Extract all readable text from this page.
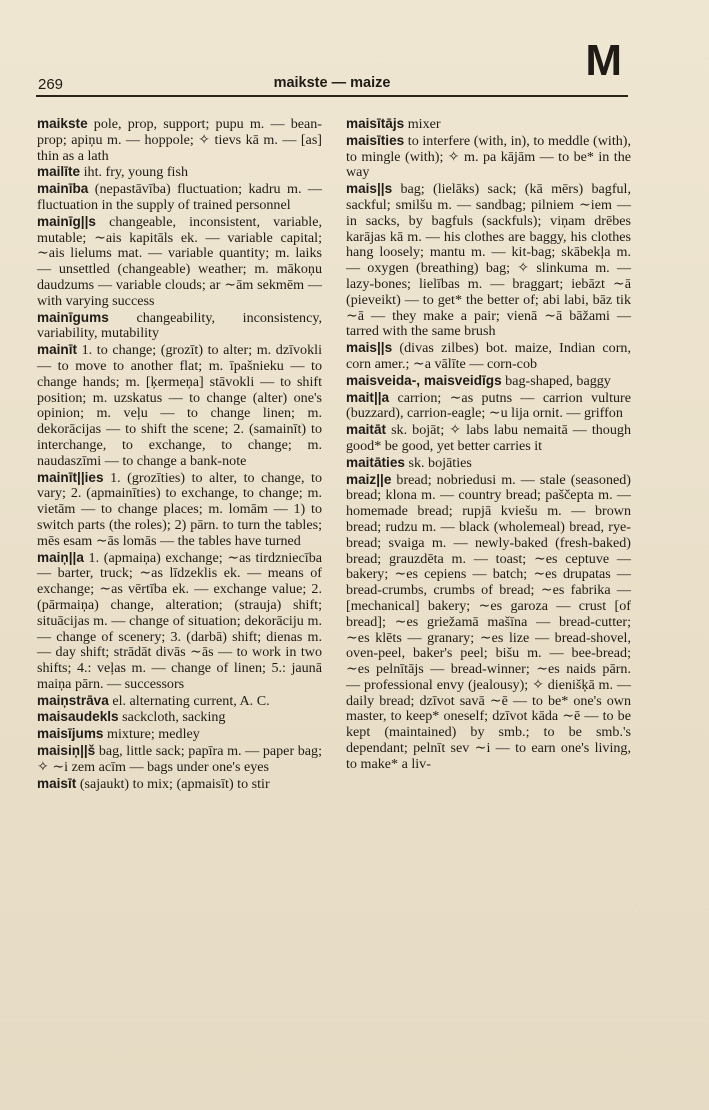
M
269	maikste — maize

maikste pole, prop, support; pupu m. — bean-prop; apiņu m. — hoppole; ✧ tievs kā m. — [as] thin as a lath

mailīte iht. fry, young fish

mainība (nepastāvība) fluctuation; kadru m. — fluctuation in the supply of trained personnel

mainīg||s changeable, inconsistent, variable, mutable; ∼ais kapitāls ek. — variable capital; ∼ais lielums mat. — variable quantity; m. laiks — unsettled (changeable) weather; m. mākoņu daudzums — variable clouds; ar ∼ām sekmēm — with varying success

mainīgums changeability, inconsistency, variability, mutability

mainīt 1. to change; (grozīt) to alter; m. dzīvokli — to move to another flat; m. īpašnieku — to change hands; m. [ķermeņa] stāvokli — to shift position; m. uzskatus — to change (alter) one's opinion; m. veļu — to change linen; m. dekorācijas — to shift the scene; 2. (samainīt) to interchange, to exchange, to change; m. naudaszīmi — to change a bank-note

mainīt||ies 1. (grozīties) to alter, to change, to vary; 2. (apmainīties) to exchange, to change; m. vietām — to change places; m. lomām — 1) to switch parts (the roles); 2) pārn. to turn the tables; mēs esam ∼ās lomās — the tables have turned

maiņ||a 1. (apmaiņa) exchange; ∼as tirdzniecība — barter, truck; ∼as līdzeklis ek. — means of exchange; ∼as vērtība ek. — exchange value; 2. (pārmaiņa) change, alteration; (strauja) shift; situācijas m. — change of situation; dekorāciju m. — change of scenery; 3. (darbā) shift; dienas m. — day shift; strādāt divās ∼ās — to work in two shifts; 4.: veļas m. — change of linen; 5.: jaunā maiņa pārn. — successors

maiņstrāva el. alternating current, A. C.

maisaudekls sackcloth, sacking

maisījums mixture; medley

maisiņ||š bag, little sack; papīra m. — paper bag; ✧ ∼i zem acīm — bags under one's eyes

maisīt (sajaukt) to mix; (apmaisīt) to stir

maisītājs mixer

maisīties to interfere (with, in), to meddle (with), to mingle (with); ✧ m. pa kājām — to be* in the way

mais||s bag; (lielāks) sack; (kā mērs) bagful, sackful; smilšu m. — sandbag; pilniem ∼iem — in sacks, by bagfuls (sackfuls); viņam drēbes karājas kā m. — his clothes are baggy, his clothes hang loosely; mantu m. — kit-bag; skābekļa m. — oxygen (breathing) bag; ✧ slinkuma m. — lazy-bones; lielības m. — braggart; iebāzt ∼ā (pieveikt) — to get* the better of; abi labi, bāz tik ∼ā — they make a pair; vienā ∼ā bāžami — tarred with the same brush

mais||s (divas zilbes) bot. maize, Indian corn, corn amer.; ∼a vālīte — corn-cob

maisveida-, maisveidīgs bag-shaped, baggy

mait||a carrion; ∼as putns — carrion vulture (buzzard), carrion-eagle; ∼u lija ornit. — griffon

maitāt sk. bojāt; ✧ labs labu nemaitā — though good* be good, yet better carries it

maitāties sk. bojāties

maiz||e bread; nobriedusi m. — stale (seasoned) bread; klona m. — country bread; paščepta m. — homemade bread; rupjā kviešu m. — brown bread; rudzu m. — black (wholemeal) bread, rye-bread; svaiga m. — newly-baked (fresh-baked) bread; grauzdēta m. — toast; ∼es ceptuve — bakery; ∼es cepiens — batch; ∼es drupatas — bread-crumbs, crumbs of bread; ∼es fabrika — [mechanical] bakery; ∼es garoza — crust [of bread]; ∼es griežamā mašīna — bread-cutter; ∼es klēts — granary; ∼es lize — bread-shovel, oven-peel, baker's peel; bišu m. — bee-bread; ∼es pelnītājs — bread-winner; ∼es naids pārn. — professional envy (jealousy); ✧ dienišķā m. — daily bread; dzīvot savā ∼ē — to be* one's own master, to keep* oneself; dzīvot kāda ∼ē — to be kept (maintained) by smb.; to be smb.'s dependant; pelnīt sev ∼i — to earn one's living, to make* a liv-
